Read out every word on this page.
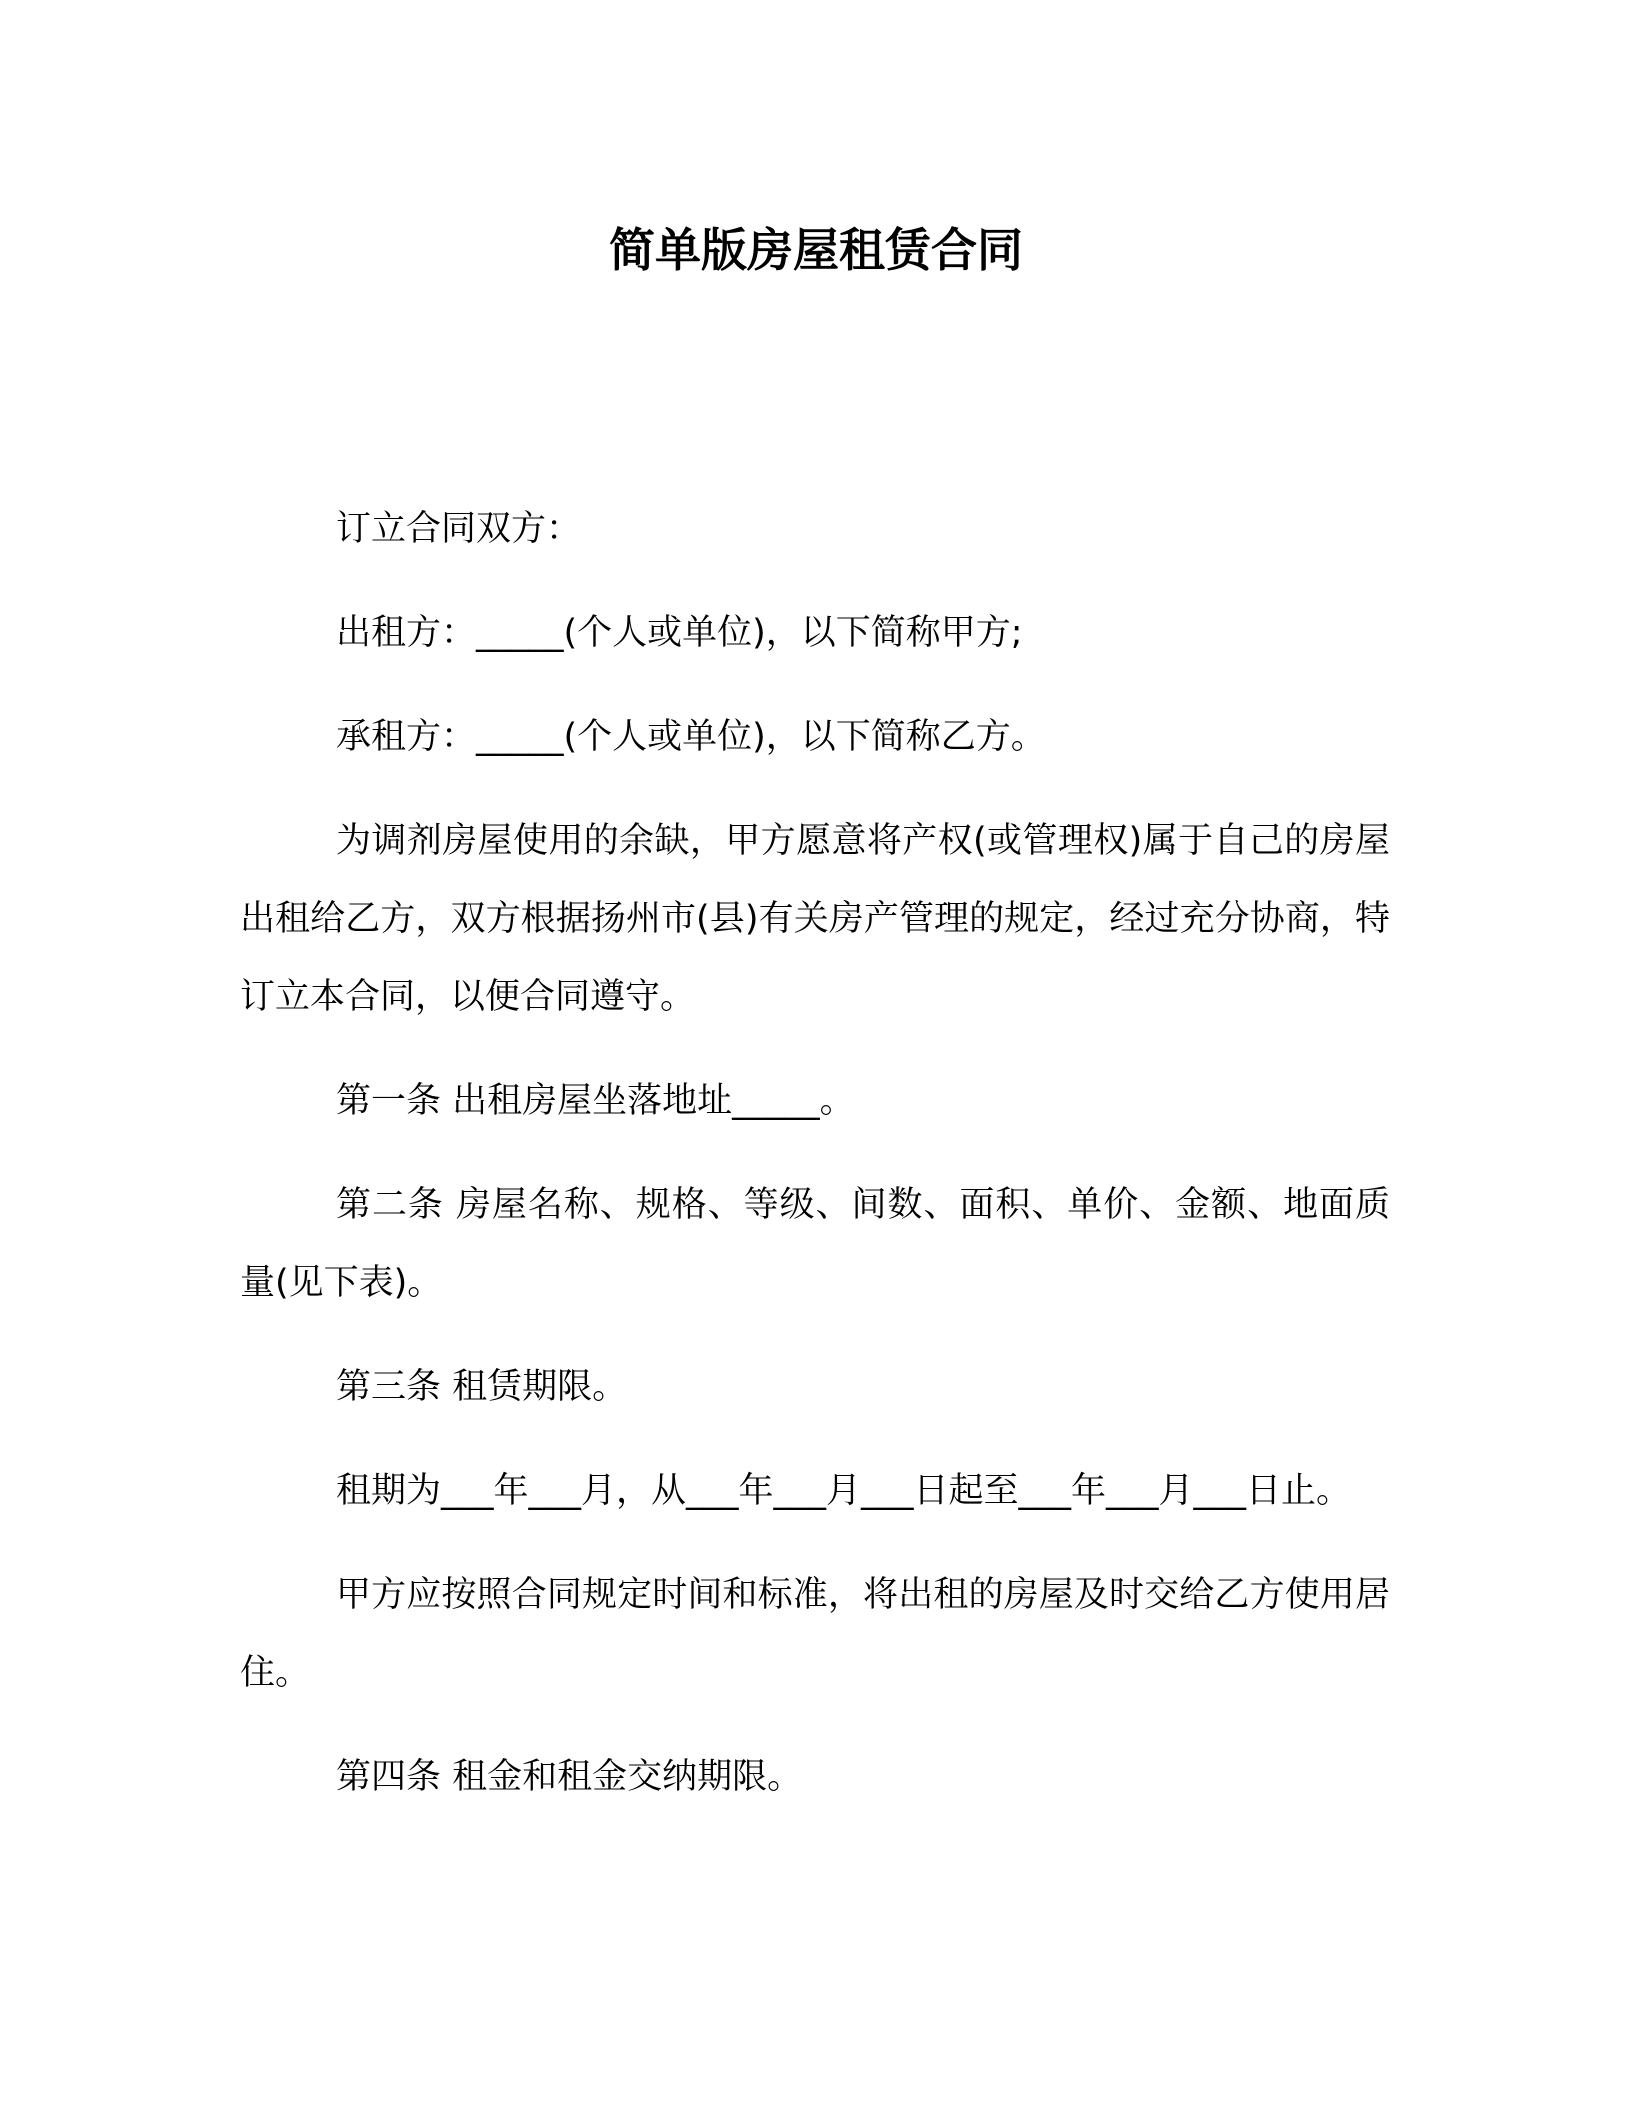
简单版房屋租赁合同

订立合同双方：

出租方：_____(个人或单位)，以下简称甲方;

承租方：_____(个人或单位)，以下简称乙方。

为调剂房屋使用的余缺，甲方愿意将产权(或管理权)属于自己的房屋出租给乙方，双方根据扬州市(县)有关房产管理的规定，经过充分协商，特订立本合同，以便合同遵守。

第一条 出租房屋坐落地址_____。

第二条 房屋名称、规格、等级、间数、面积、单价、金额、地面质量(见下表)。

第三条 租赁期限。

租期为___年___月，从___年___月___日起至___年___月___日止。

甲方应按照合同规定时间和标准，将出租的房屋及时交给乙方使用居住。

第四条 租金和租金交纳期限。
